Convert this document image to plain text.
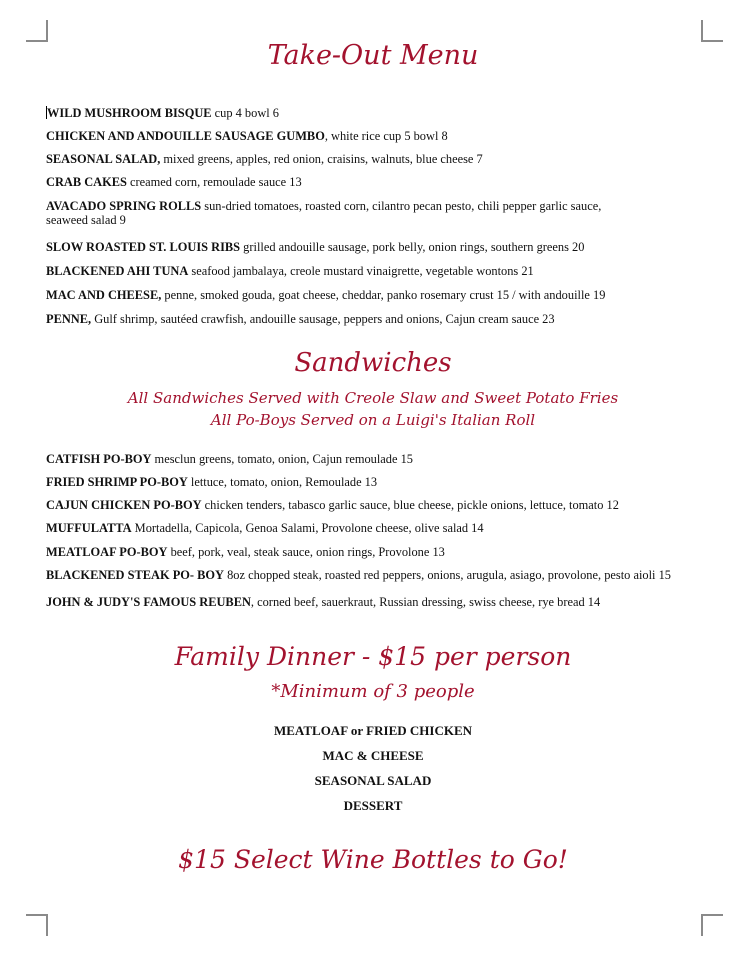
Take-Out Menu
WILD MUSHROOM BISQUE cup 4 bowl 6
CHICKEN AND ANDOUILLE SAUSAGE GUMBO, white rice cup 5 bowl 8
SEASONAL SALAD, mixed greens, apples, red onion, craisins, walnuts, blue cheese 7
CRAB CAKES creamed corn, remoulade sauce 13
AVACADO SPRING ROLLS sun-dried tomatoes, roasted corn, cilantro pecan pesto, chili pepper garlic sauce, seaweed salad 9
SLOW ROASTED ST. LOUIS RIBS grilled andouille sausage, pork belly, onion rings, southern greens 20
BLACKENED AHI TUNA seafood jambalaya, creole mustard vinaigrette, vegetable wontons 21
MAC AND CHEESE, penne, smoked gouda, goat cheese, cheddar, panko rosemary crust 15 / with andouille 19
PENNE, Gulf shrimp, sautéed crawfish, andouille sausage, peppers and onions, Cajun cream sauce 23
Sandwiches
All Sandwiches Served with Creole Slaw and Sweet Potato Fries
All Po-Boys Served on a Luigi's Italian Roll
CATFISH PO-BOY mesclun greens, tomato, onion, Cajun remoulade 15
FRIED SHRIMP PO-BOY lettuce, tomato, onion, Remoulade 13
CAJUN CHICKEN PO-BOY chicken tenders, tabasco garlic sauce, blue cheese, pickle onions, lettuce, tomato 12
MUFFULATTA Mortadella, Capicola, Genoa Salami, Provolone cheese, olive salad 14
MEATLOAF PO-BOY beef, pork, veal, steak sauce, onion rings, Provolone 13
BLACKENED STEAK PO- BOY 8oz chopped steak, roasted red peppers, onions, arugula, asiago, provolone, pesto aioli 15
JOHN & JUDY'S FAMOUS REUBEN, corned beef, sauerkraut, Russian dressing, swiss cheese, rye bread 14
Family Dinner - $15 per person
*Minimum of 3 people
MEATLOAF or FRIED CHICKEN
MAC & CHEESE
SEASONAL SALAD
DESSERT
$15 Select Wine Bottles to Go!
